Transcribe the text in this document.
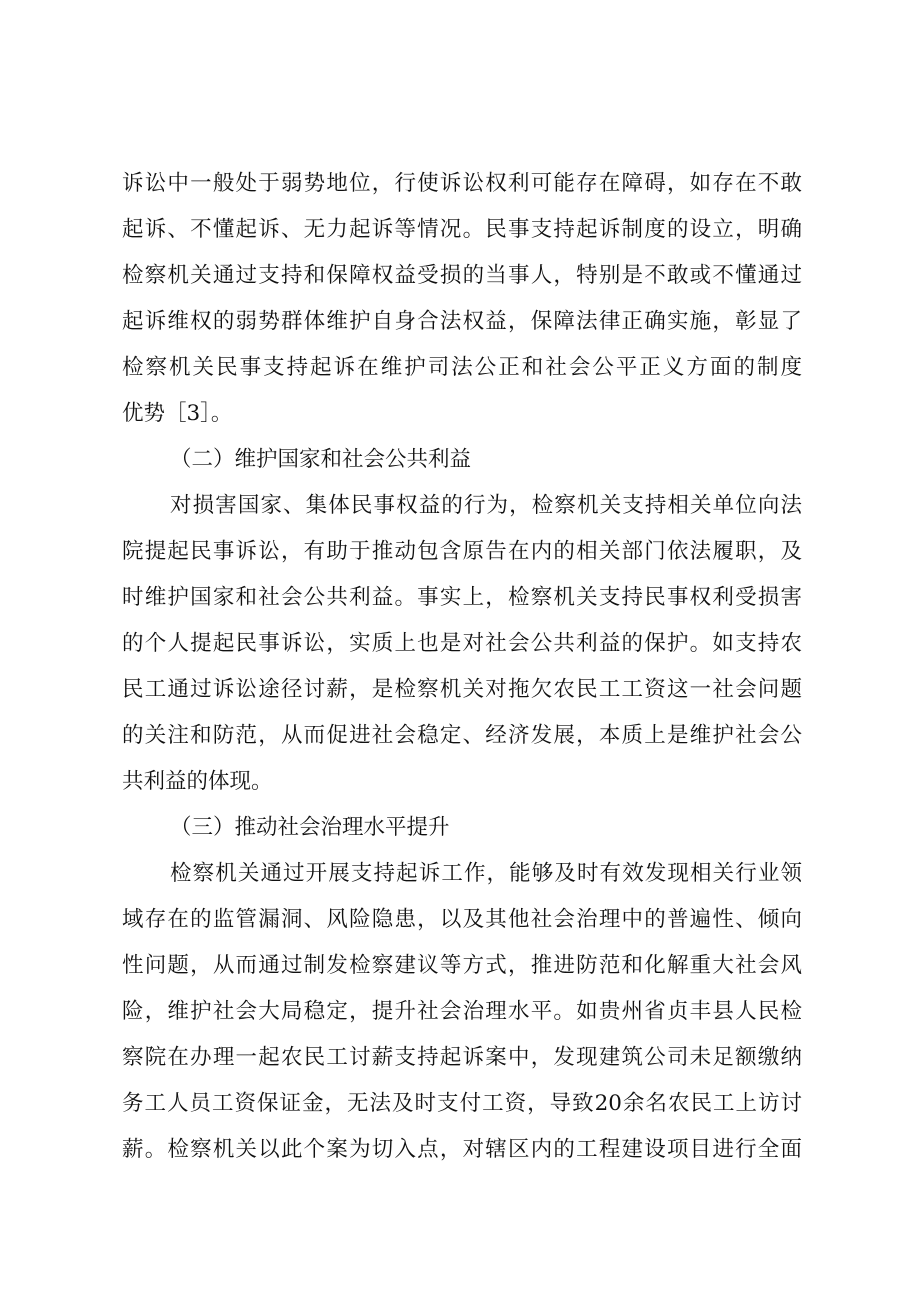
诉讼中一般处于弱势地位，行使诉讼权利可能存在障碍，如存在不敢
起诉、不懂起诉、无力起诉等情况。民事支持起诉制度的设立，明确
检察机关通过支持和保障权益受损的当事人，特别是不敢或不懂通过
起诉维权的弱势群体维护自身合法权益，保障法律正确实施，彰显了
检察机关民事支持起诉在维护司法公正和社会公平正义方面的制度
优势［3］。
（二）维护国家和社会公共利益
对损害国家、集体民事权益的行为，检察机关支持相关单位向法
院提起民事诉讼，有助于推动包含原告在内的相关部门依法履职，及
时维护国家和社会公共利益。事实上，检察机关支持民事权利受损害
的个人提起民事诉讼，实质上也是对社会公共利益的保护。如支持农
民工通过诉讼途径讨薪，是检察机关对拖欠农民工工资这一社会问题
的关注和防范，从而促进社会稳定、经济发展，本质上是维护社会公
共利益的体现。
（三）推动社会治理水平提升
检察机关通过开展支持起诉工作，能够及时有效发现相关行业领
域存在的监管漏洞、风险隐患，以及其他社会治理中的普遍性、倾向
性问题，从而通过制发检察建议等方式，推进防范和化解重大社会风
险，维护社会大局稳定，提升社会治理水平。如贵州省贞丰县人民检
察院在办理一起农民工讨薪支持起诉案中，发现建筑公司未足额缴纳
务工人员工资保证金，无法及时支付工资，导致20余名农民工上访讨
薪。检察机关以此个案为切入点，对辖区内的工程建设项目进行全面
